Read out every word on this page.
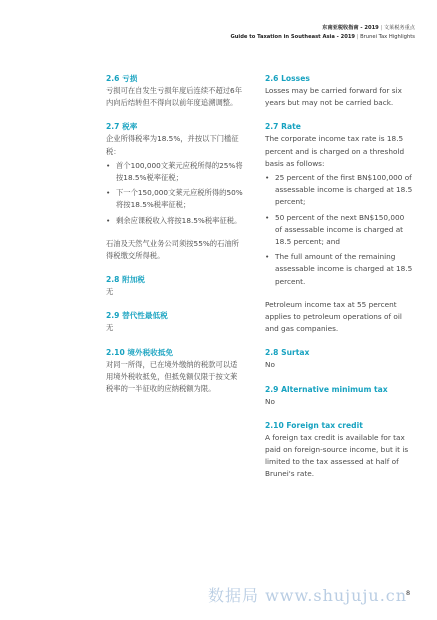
东南亚税收指南 - 2019 | 文莱税务重点
Guide to Taxation in Southeast Asia - 2019 | Brunei Tax Highlights

2.6 亏损

亏损可在自发生亏损年度后连续不超过6年内向后结转但不得向以前年度追溯调整。

2.7 税率

企业所得税率为18.5%，并按以下门槛征税：

• 首个100,000文莱元应税所得的25%将按18.5%税率征税；
• 下一个150,000文莱元应税所得的50%将按18.5%税率征税；
• 剩余应课税收入将按18.5%税率征税。

石油及天然气业务公司须按55%的石油所得税缴交所得税。

2.8 附加税

无

2.9 替代性最低税

无

2.10 境外税收抵免

对同一所得，已在境外缴纳的税款可以适用境外税收抵免，但抵免额仅限于按文莱税率的一半征收的应纳税额为限。

2.6 Losses

Losses may be carried forward for six years but may not be carried back.

2.7 Rate

The corporate income tax rate is 18.5 percent and is charged on a threshold basis as follows:

• 25 percent of the first BN$100,000 of assessable income is charged at 18.5 percent;
• 50 percent of the next BN$150,000 of assessable income is charged at 18.5 percent; and
• The full amount of the remaining assessable income is charged at 18.5 percent.

Petroleum income tax at 55 percent applies to petroleum operations of oil and gas companies.

2.8 Surtax

No

2.9 Alternative minimum tax

No

2.10 Foreign tax credit

A foreign tax credit is available for tax paid on foreign-source income, but it is limited to the tax assessed at half of Brunei's rate.

数据局 www.shujuju.cn
8
